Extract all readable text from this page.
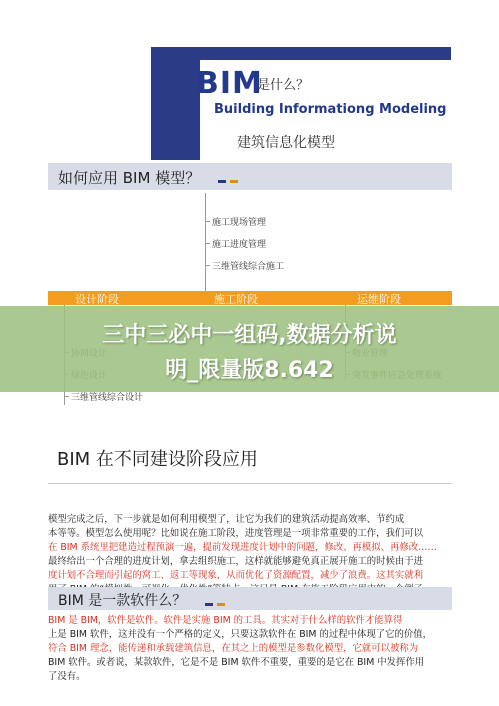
BIM
是什么？
Building Informationg Modeling
建筑信息化模型
如何应用 BIM 模型？
施工现场管理
施工进度管理
三维管线综合施工
设计阶段	施工阶段	运维阶段
三维管线综合设计
三中三必中一组码,数据分析说
明_限量版8.642
BIM 在不同建设阶段应用
模型完成之后，下一步就是如何利用模型了，让它为我们的建筑活动提高效率、节约成
本等等。模型怎么使用呢？比如说在施工阶段，进度管理是一项非常重要的工作，我们可以
在 BIM 系统里把建造过程预演一遍，提前发现进度计划中的问题，修改、再模拟、再修改……
最终给出一个合理的进度计划，拿去组织施工，这样就能够避免真正展开施工的时候由于进
度计划不合理而引起的窝工、返工等现象，从而优化了资源配置，减少了浪费。这其实就利
BIM 是一款软件么？
BIM 是 BIM，软件是软件。软件是实施 BIM 的工具。其实对于什么样的软件才能算得
上是 BIM 软件，这并没有一个严格的定义，只要这款软件在 BIM 的过程中体现了它的价值，
符合 BIM 理念，能传递和承载建筑信息，在其之上的模型是参数化模型，它就可以被称为
BIM 软件。或者说，某款软件，它是不是 BIM 软件不重要，重要的是它在 BIM 中发挥作用
了没有。
